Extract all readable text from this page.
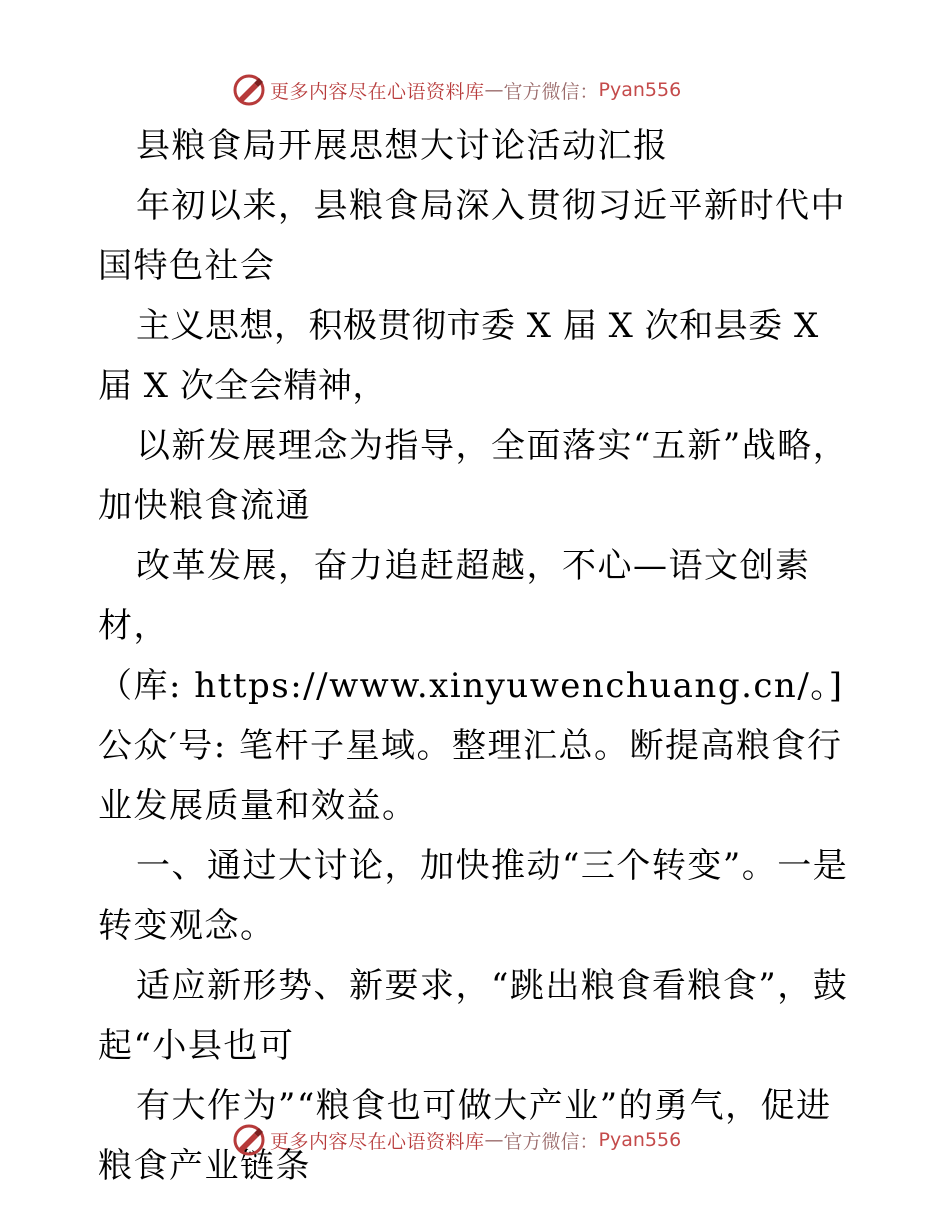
更多内容尽在心语资料库 — 官方微信： Pyan556

县粮食局开展思想大讨论活动汇报

年初以来，县粮食局深入贯彻习近平新时代中国特色社会

主义思想，积极贯彻市委 X 届 X 次和县委 X 届 X 次全会精神，

以新发展理念为指导，全面落实“五新”战略，加快粮食流通

改革发展，奋力追赶超越，不心—语文创素材，

（库: https://www.xinyuwenchuang.cn/。]公众′号: 笔杆子星域。整理汇总。断提高粮食行业发展质量和效益。

一、通过大讨论，加快推动“三个转变”。一是转变观念。

适应新形势、新要求，“跳出粮食看粮食”，鼓起“小县也可

有大作为”“粮食也可做大产业”的勇气，促进粮食产业链条

更多内容尽在心语资料库 — 官方微信： Pyan556
